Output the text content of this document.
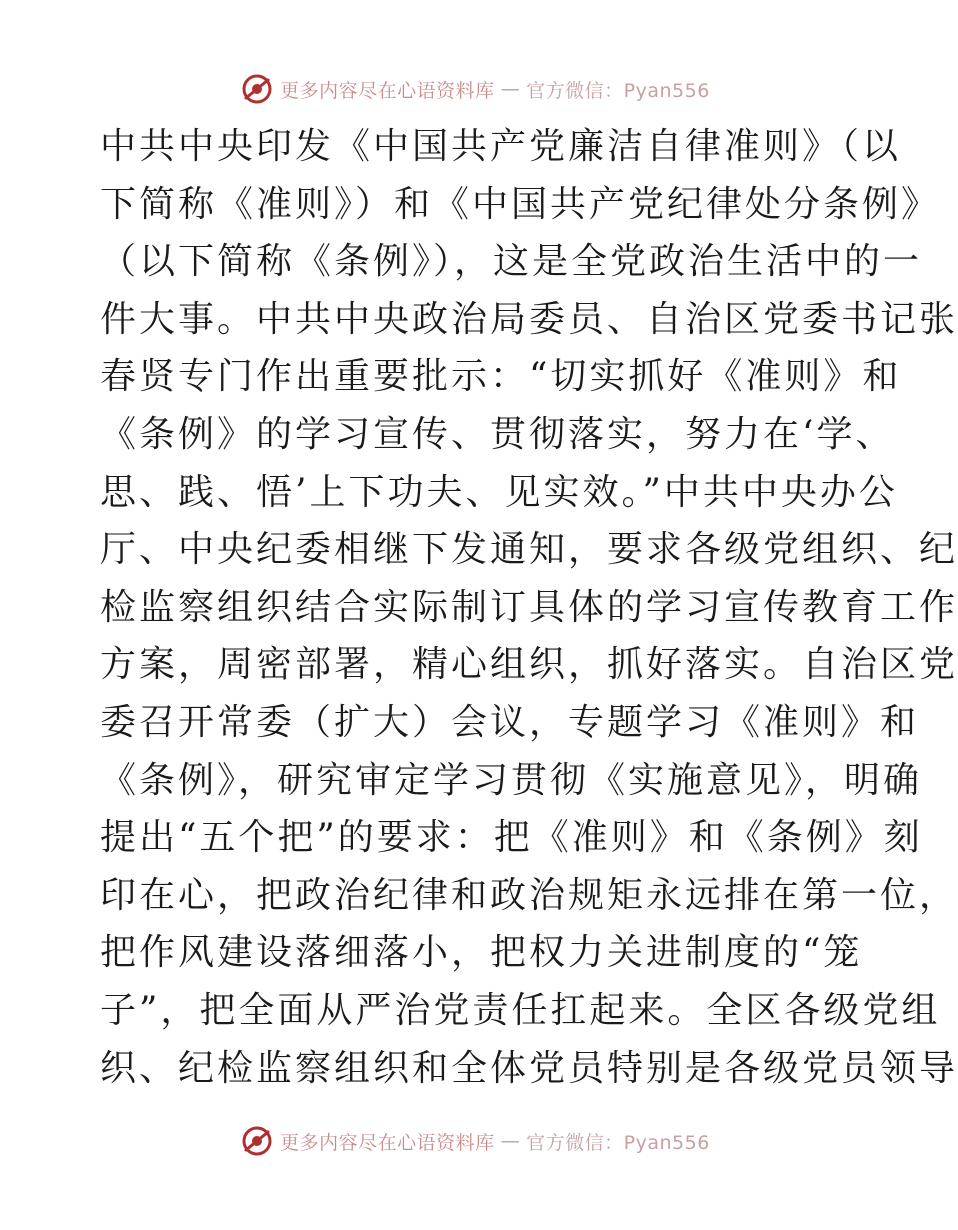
更多内容尽在心语资料库 — 官方微信：Pyan556
中共中央印发《中国共产党廉洁自律准则》（以
下简称《准则》）和《中国共产党纪律处分条例》
（以下简称《条例》），这是全党政治生活中的一
件大事。中共中央政治局委员、自治区党委书记张
春贤专门作出重要批示：“切实抓好《准则》和
《条例》的学习宣传、贯彻落实，努力在‘学、
思、践、悟’上下功夫、见实效。”中共中央办公
厅、中央纪委相继下发通知，要求各级党组织、纪
检监察组织结合实际制订具体的学习宣传教育工作
方案，周密部署，精心组织，抓好落实。自治区党
委召开常委（扩大）会议，专题学习《准则》和
《条例》，研究审定学习贯彻《实施意见》，明确
提出“五个把”的要求：把《准则》和《条例》刻
印在心，把政治纪律和政治规矩永远排在第一位，
把作风建设落细落小，把权力关进制度的“笼
子”，把全面从严治党责任扛起来。全区各级党组
织、纪检监察组织和全体党员特别是各级党员领导
更多内容尽在心语资料库 — 官方微信：Pyan556
